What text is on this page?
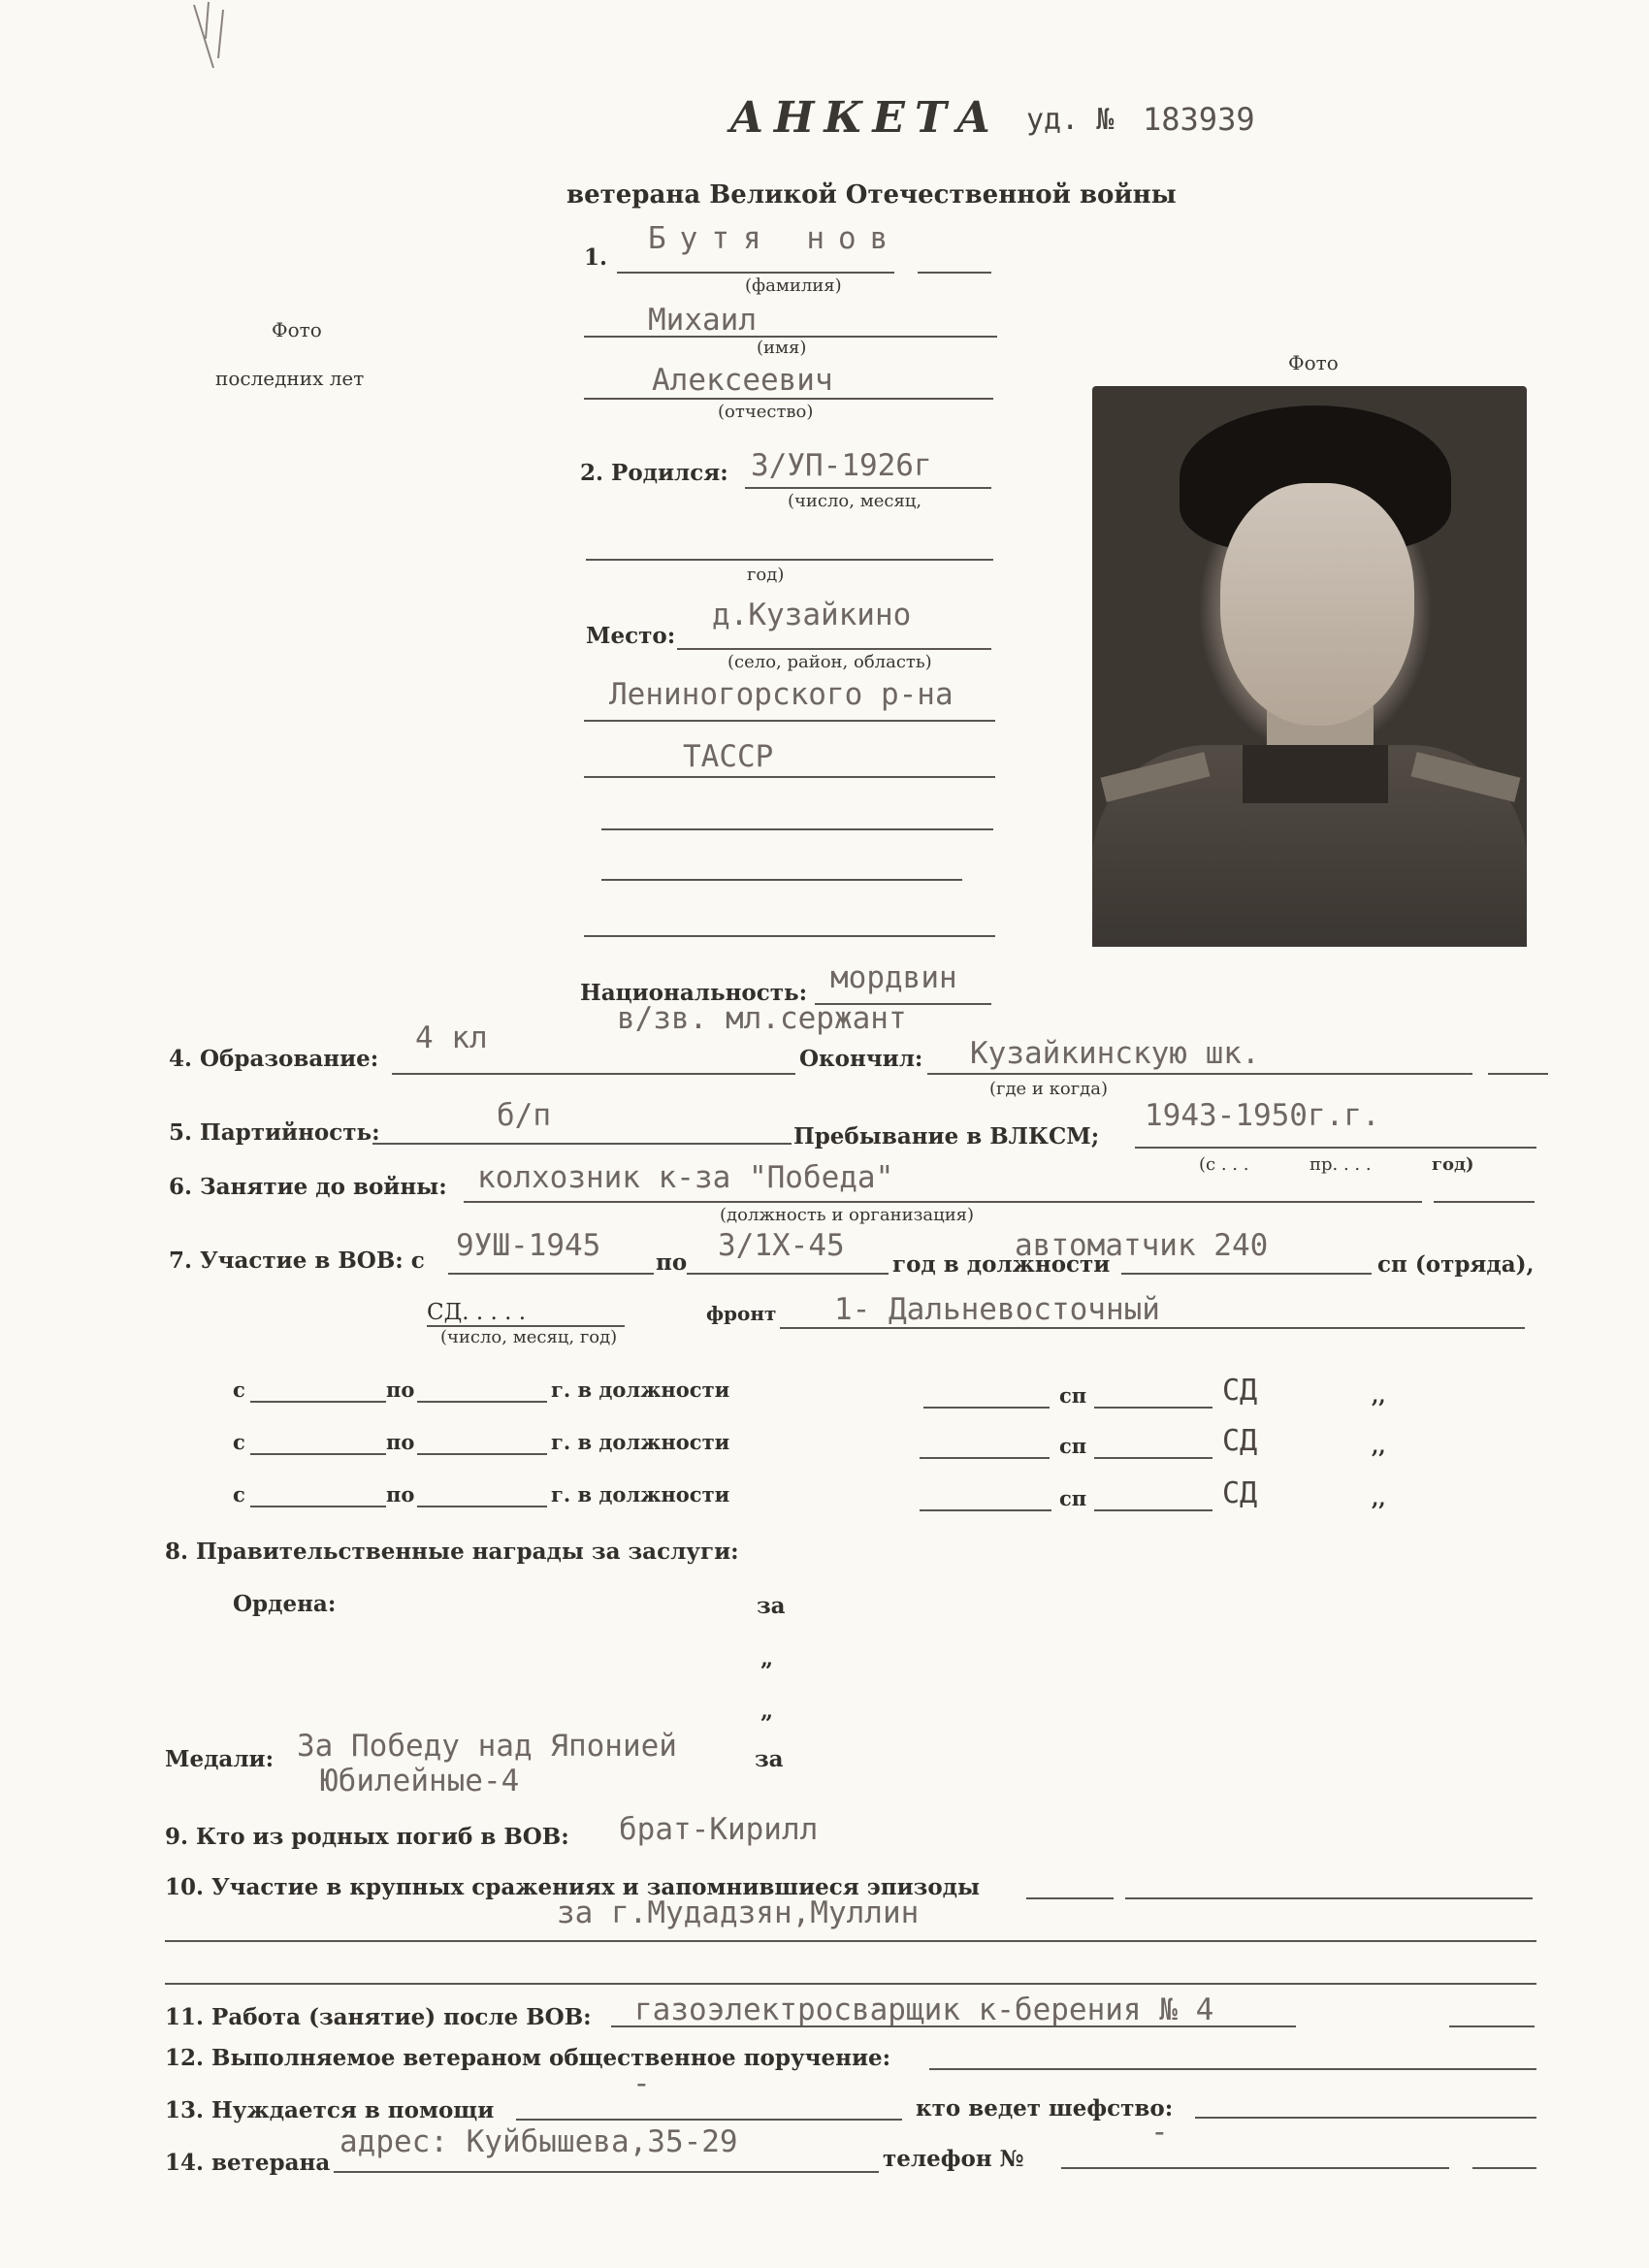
АНКЕТА уд. № 183939
ветерана Великой Отечественной войны
Фото
последних лет
Фото
1.
Бутя нов
(фамилия)
Михаил
(имя)
Алексеевич
(отчество)
2. Родился: 3/УП-1926г
(число, месяц,
год)
Место:
д.Кузайкино
(село, район, область)
Лениногорского р-на
ТАССР
Национальность: мордвин
в/зв. мл.сержант
4. Образование:
4 кл
Окончил: Кузайкинскую шк.
(где и когда)
5. Партийность:	б/п
Пребывание в ВЛКСМ;
1943-1950г.г.
(с . . .	пр. . . .	год)
6. Занятие до войны: колхозник к-за "Победа"
(должность и организация)
7. Участие в ВОВ: с 9УШ-1945 по 3/1Х-45
год в должности
автоматчик 240
сп (отряда),
СД. . . . .	фронт 1- Дальневосточный
(число, месяц, год)
с	по	г. в должности	сп	СД	,,
с	по	г. в должности	сп	СД	,,
с	по	г. в должности	сп	СД	,,
8. Правительственные награды за заслуги:
Ордена:	за
„
„
Медали: За Победу над Японией
Юбилейные-4
за
9. Кто из родных погиб в ВОВ: брат-Кирилл
10. Участие в крупных сражениях и запомнившиеся эпизоды
за г.Мудадзян,Муллин
11. Работа (занятие) после ВОВ: газоэлектросварщик к-берения № 4
12. Выполняемое ветераном общественное поручение:
13. Нуждается в помощи
-
кто ведет шефство:
14. ветерана
адрес: Куйбышева,35-29	телефон №
-
